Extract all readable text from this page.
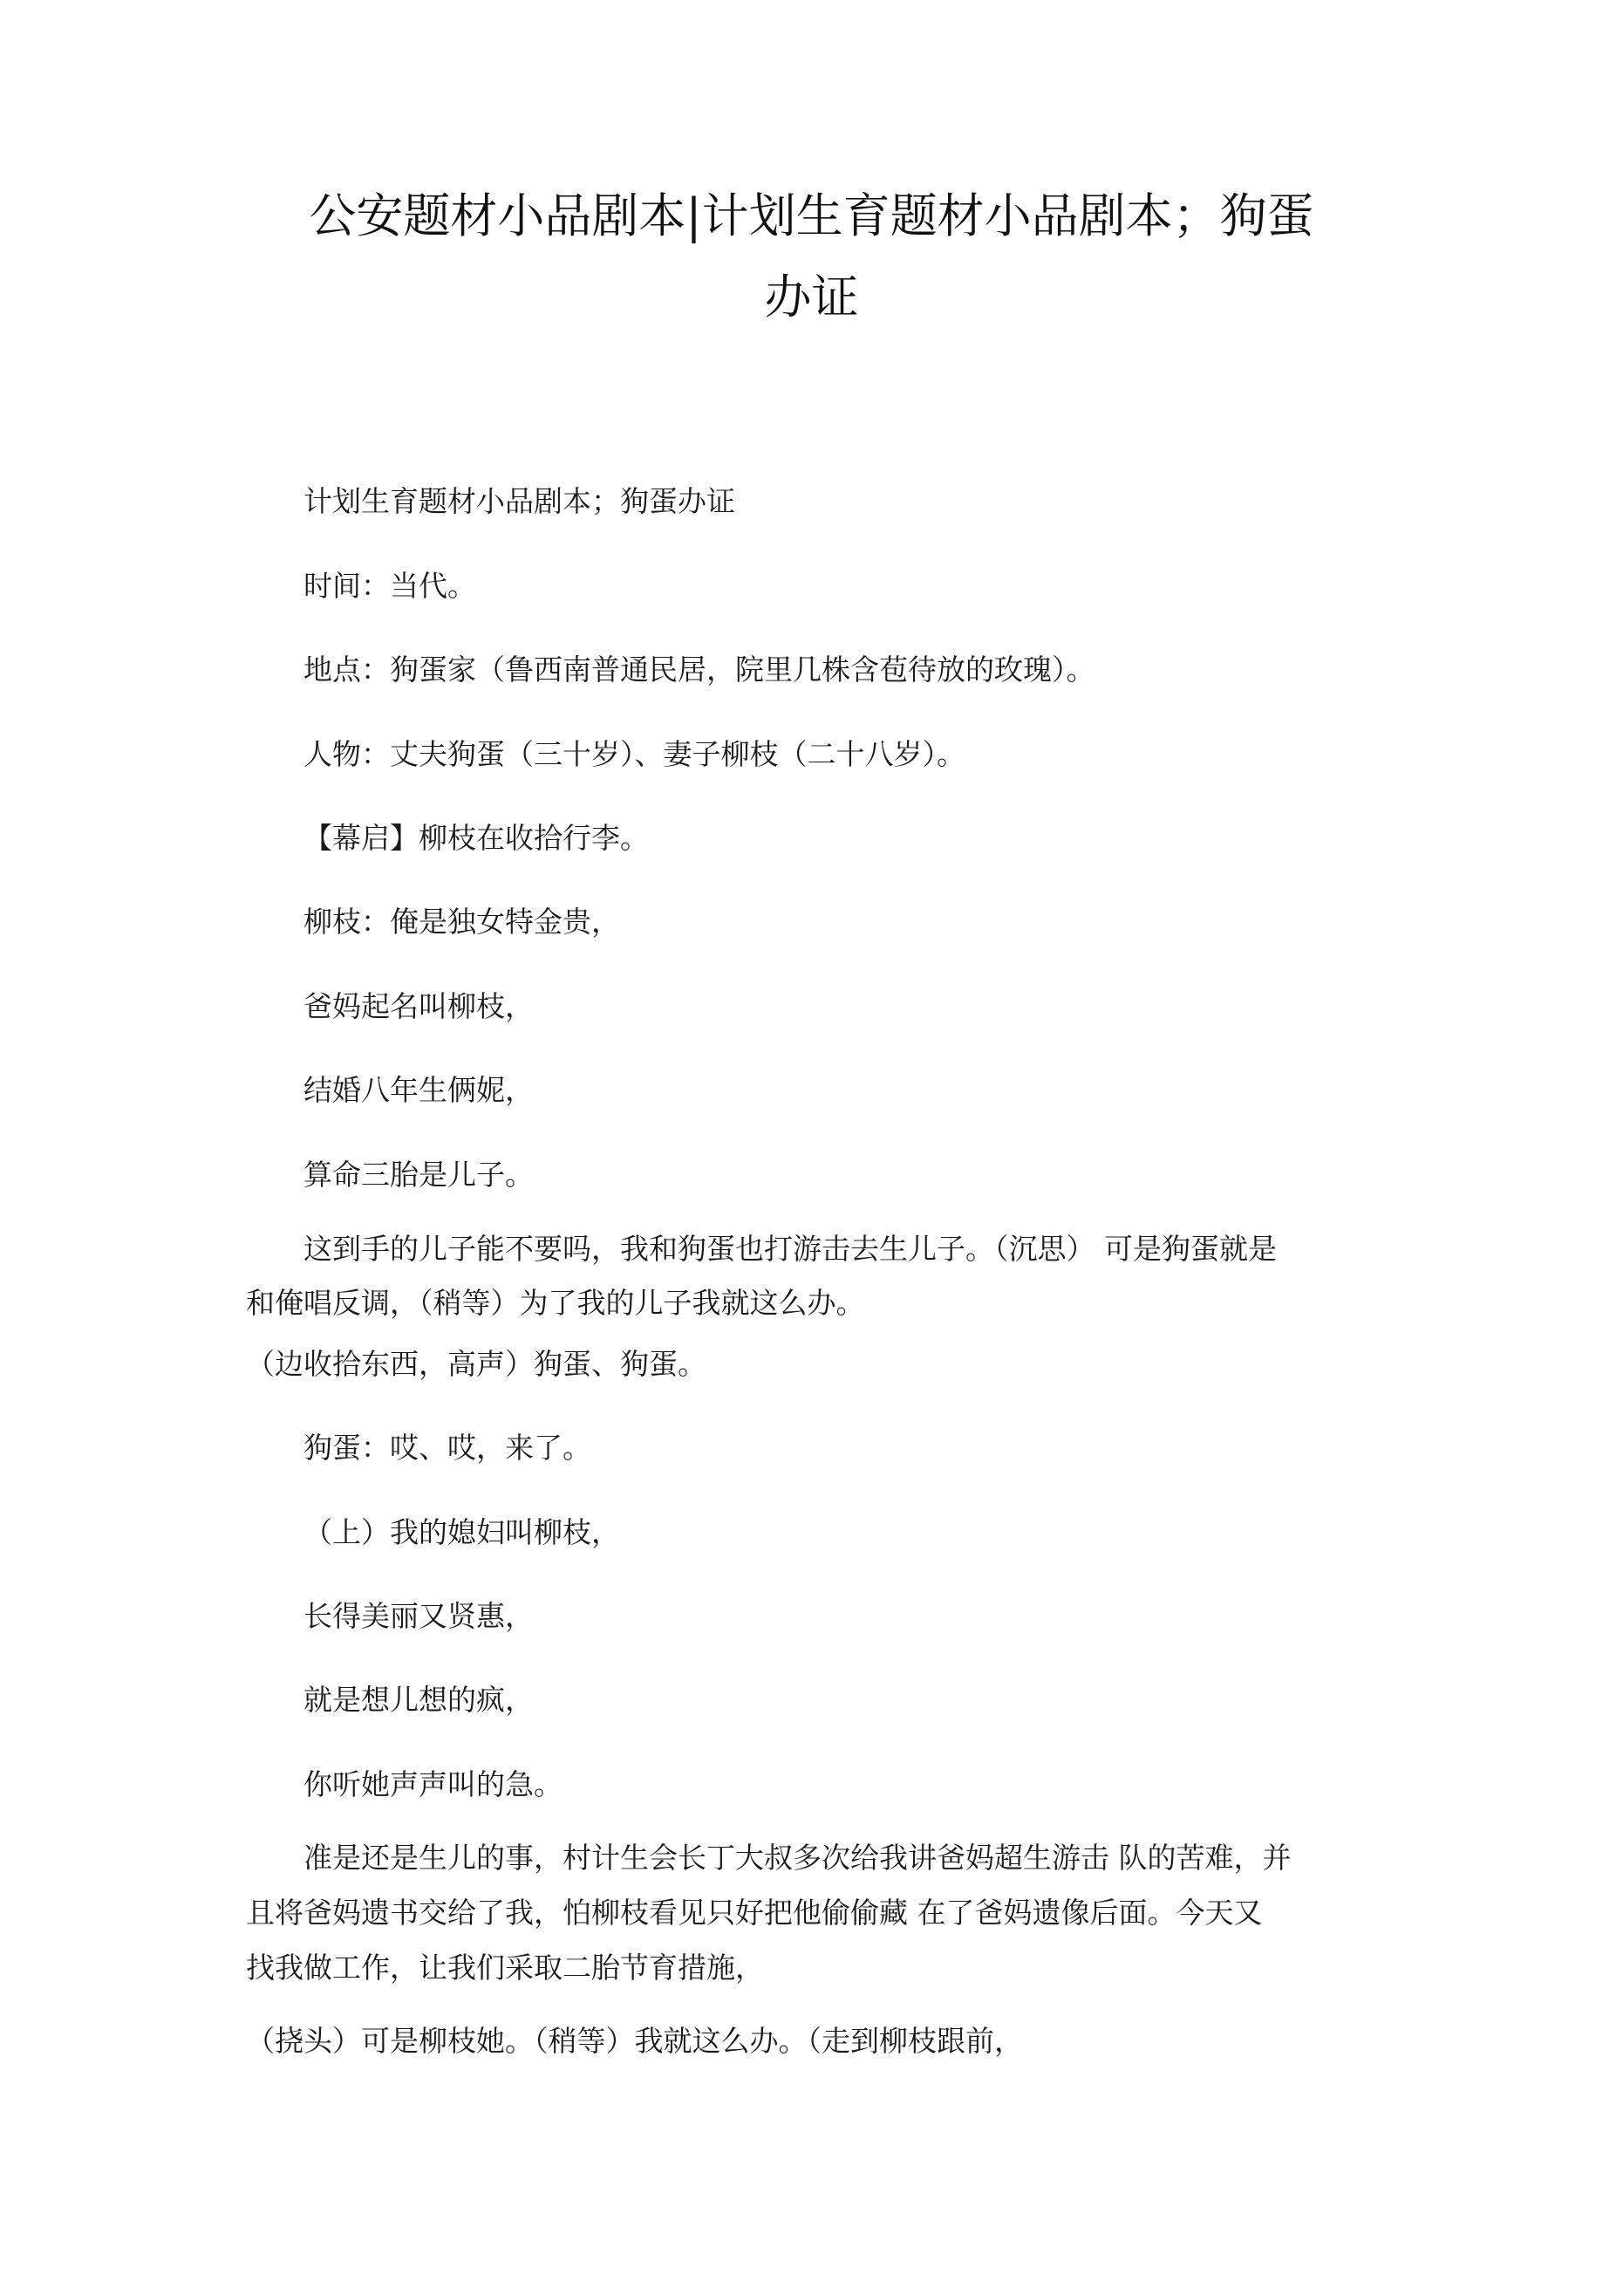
公安题材小品剧本|计划生育题材小品剧本；狗蛋
办证

计划生育题材小品剧本；狗蛋办证

时间：当代。

地点：狗蛋家（鲁西南普通民居，院里几株含苞待放的玫瑰）。

人物：丈夫狗蛋（三十岁）、妻子柳枝（二十八岁）。

【幕启】柳枝在收拾行李。

柳枝：俺是独女特金贵，

爸妈起名叫柳枝，

结婚八年生俩妮，

算命三胎是儿子。

这到手的儿子能不要吗，我和狗蛋也打游击去生儿子。（沉思） 可是狗蛋就是

和俺唱反调，（稍等）为了我的儿子我就这么办。

（边收拾东西，高声）狗蛋、狗蛋。

狗蛋：哎、哎，来了。

（上）我的媳妇叫柳枝，

长得美丽又贤惠，

就是想儿想的疯，

你听她声声叫的急。

准是还是生儿的事，村计生会长丁大叔多次给我讲爸妈超生游击 队的苦难，并

且将爸妈遗书交给了我，怕柳枝看见只好把他偷偷藏 在了爸妈遗像后面。今天又

找我做工作，让我们采取二胎节育措施，

（挠头）可是柳枝她。（稍等）我就这么办。（走到柳枝跟前，
